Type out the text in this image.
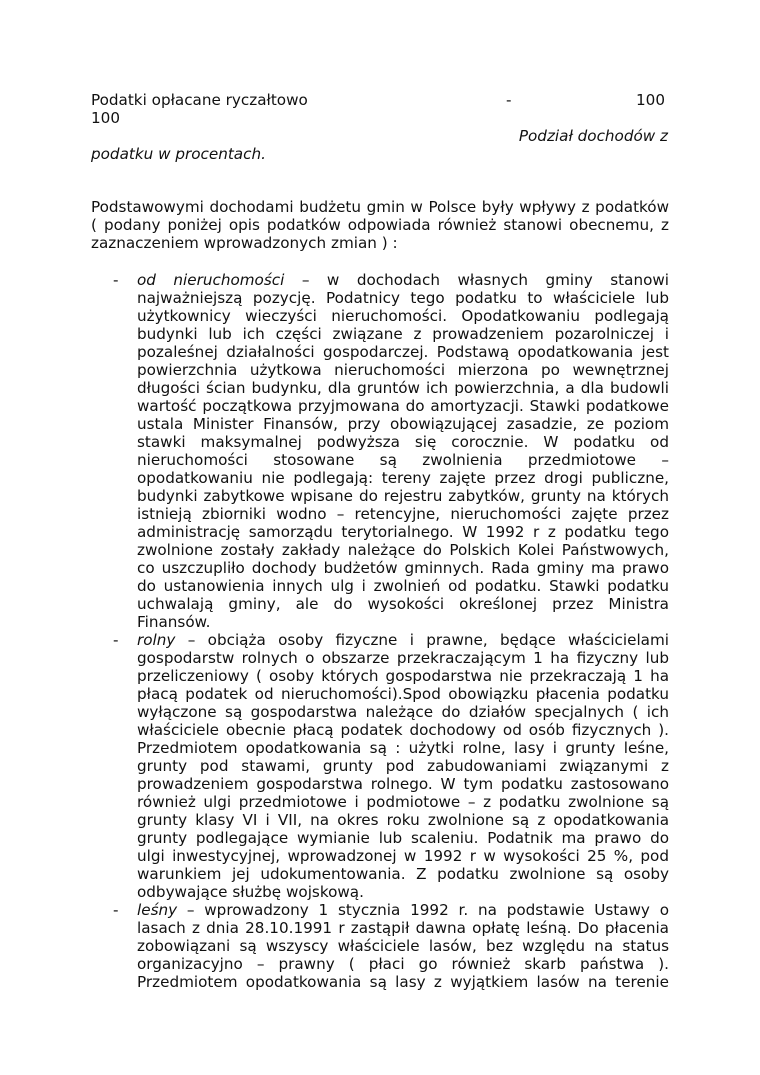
Podatki opłacane ryczałtowo	-	100
100
Podział dochodów z
podatku w procentach.
Podstawowymi dochodami budżetu gmin w Polsce były wpływy z podatków
( podany poniżej opis podatków odpowiada również stanowi obecnemu, z
zaznaczeniem wprowadzonych zmian ) :
- od nieruchomości – w dochodach własnych gminy stanowi
najważniejszą pozycję. Podatnicy tego podatku to właściciele lub
użytkownicy wieczyści nieruchomości. Opodatkowaniu podlegają
budynki lub ich części związane z prowadzeniem pozarolniczej i
pozaleśnej działalności gospodarczej. Podstawą opodatkowania jest
powierzchnia użytkowa nieruchomości mierzona po wewnętrznej
długości ścian budynku, dla gruntów ich powierzchnia, a dla budowli
wartość początkowa przyjmowana do amortyzacji. Stawki podatkowe
ustala Minister Finansów, przy obowiązującej zasadzie, ze poziom
stawki maksymalnej podwyższa się corocznie. W podatku od
nieruchomości stosowane są zwolnienia przedmiotowe –
opodatkowaniu nie podlegają: tereny zajęte przez drogi publiczne,
budynki zabytkowe wpisane do rejestru zabytków, grunty na których
istnieją zbiorniki wodno – retencyjne, nieruchomości zajęte przez
administrację samorządu terytorialnego. W 1992 r z podatku tego
zwolnione zostały zakłady należące do Polskich Kolei Państwowych,
co uszczupliło dochody budżetów gminnych. Rada gminy ma prawo
do ustanowienia innych ulg i zwolnień od podatku. Stawki podatku
uchwalają gminy, ale do wysokości określonej przez Ministra
Finansów.
- rolny – obciąża osoby fizyczne i prawne, będące właścicielami
gospodarstw rolnych o obszarze przekraczającym 1 ha fizyczny lub
przeliczeniowy ( osoby których gospodarstwa nie przekraczają 1 ha
płacą podatek od nieruchomości).Spod obowiązku płacenia podatku
wyłączone są gospodarstwa należące do działów specjalnych ( ich
właściciele obecnie płacą podatek dochodowy od osób fizycznych ).
Przedmiotem opodatkowania są : użytki rolne, lasy i grunty leśne,
grunty pod stawami, grunty pod zabudowaniami związanymi z
prowadzeniem gospodarstwa rolnego. W tym podatku zastosowano
również ulgi przedmiotowe i podmiotowe – z podatku zwolnione są
grunty klasy VI i VII, na okres roku zwolnione są z opodatkowania
grunty podlegające wymianie lub scaleniu. Podatnik ma prawo do
ulgi inwestycyjnej, wprowadzonej w 1992 r w wysokości 25 %, pod
warunkiem jej udokumentowania. Z podatku zwolnione są osoby
odbywające służbę wojskową.
- leśny – wprowadzony 1 stycznia 1992 r. na podstawie Ustawy o
lasach z dnia 28.10.1991 r zastąpił dawna opłatę leśną. Do płacenia
zobowiązani są wszyscy właściciele lasów, bez względu na status
organizacyjno – prawny ( płaci go również skarb państwa ).
Przedmiotem opodatkowania są lasy z wyjątkiem lasów na terenie
